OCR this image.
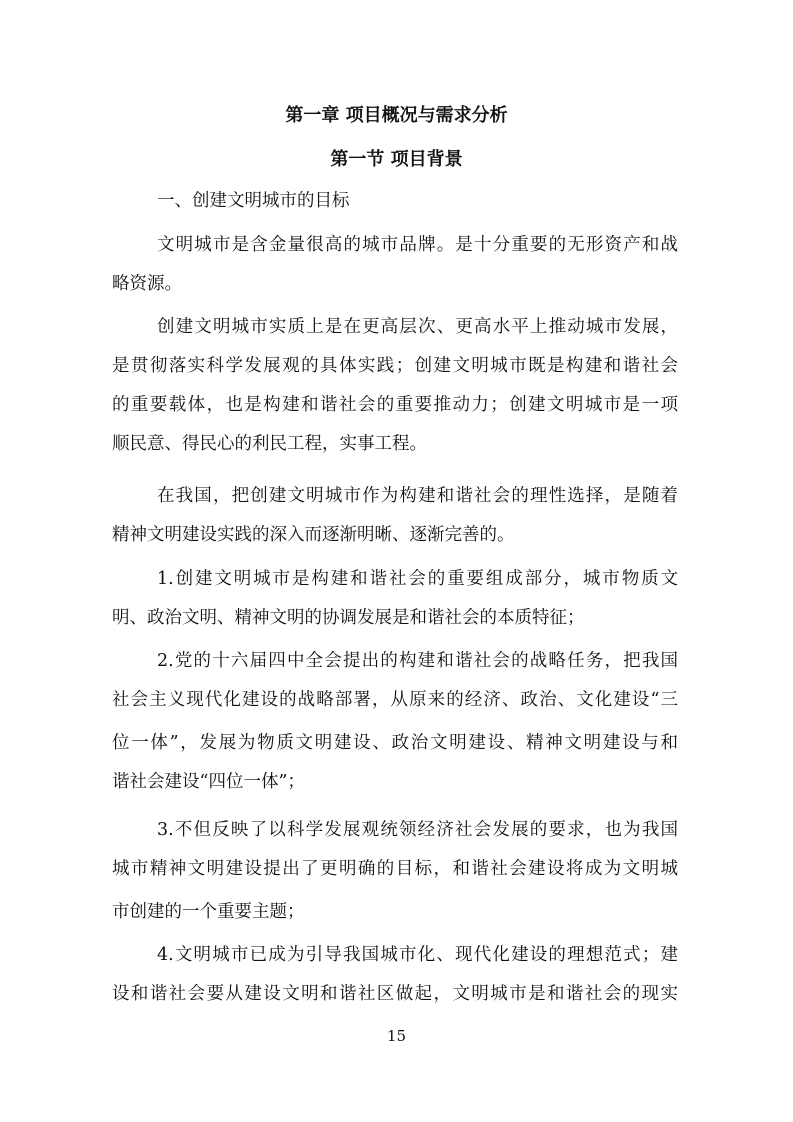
第一章 项目概况与需求分析
第一节 项目背景
一、创建文明城市的目标
文明城市是含金量很高的城市品牌。是十分重要的无形资产和战
略资源。
创建文明城市实质上是在更高层次、更高水平上推动城市发展，
是贯彻落实科学发展观的具体实践；创建文明城市既是构建和谐社会
的重要载体，也是构建和谐社会的重要推动力；创建文明城市是一项
顺民意、得民心的利民工程，实事工程。
在我国，把创建文明城市作为构建和谐社会的理性选择，是随着
精神文明建设实践的深入而逐渐明晰、逐渐完善的。
1.创建文明城市是构建和谐社会的重要组成部分，城市物质文
明、政治文明、精神文明的协调发展是和谐社会的本质特征；
2.党的十六届四中全会提出的构建和谐社会的战略任务，把我国
社会主义现代化建设的战略部署，从原来的经济、政治、文化建设“三
位一体”，发展为物质文明建设、政治文明建设、精神文明建设与和
谐社会建设“四位一体”；
3.不但反映了以科学发展观统领经济社会发展的要求，也为我国
城市精神文明建设提出了更明确的目标，和谐社会建设将成为文明城
市创建的一个重要主题；
4.文明城市已成为引导我国城市化、现代化建设的理想范式；建
设和谐社会要从建设文明和谐社区做起，文明城市是和谐社会的现实
15
